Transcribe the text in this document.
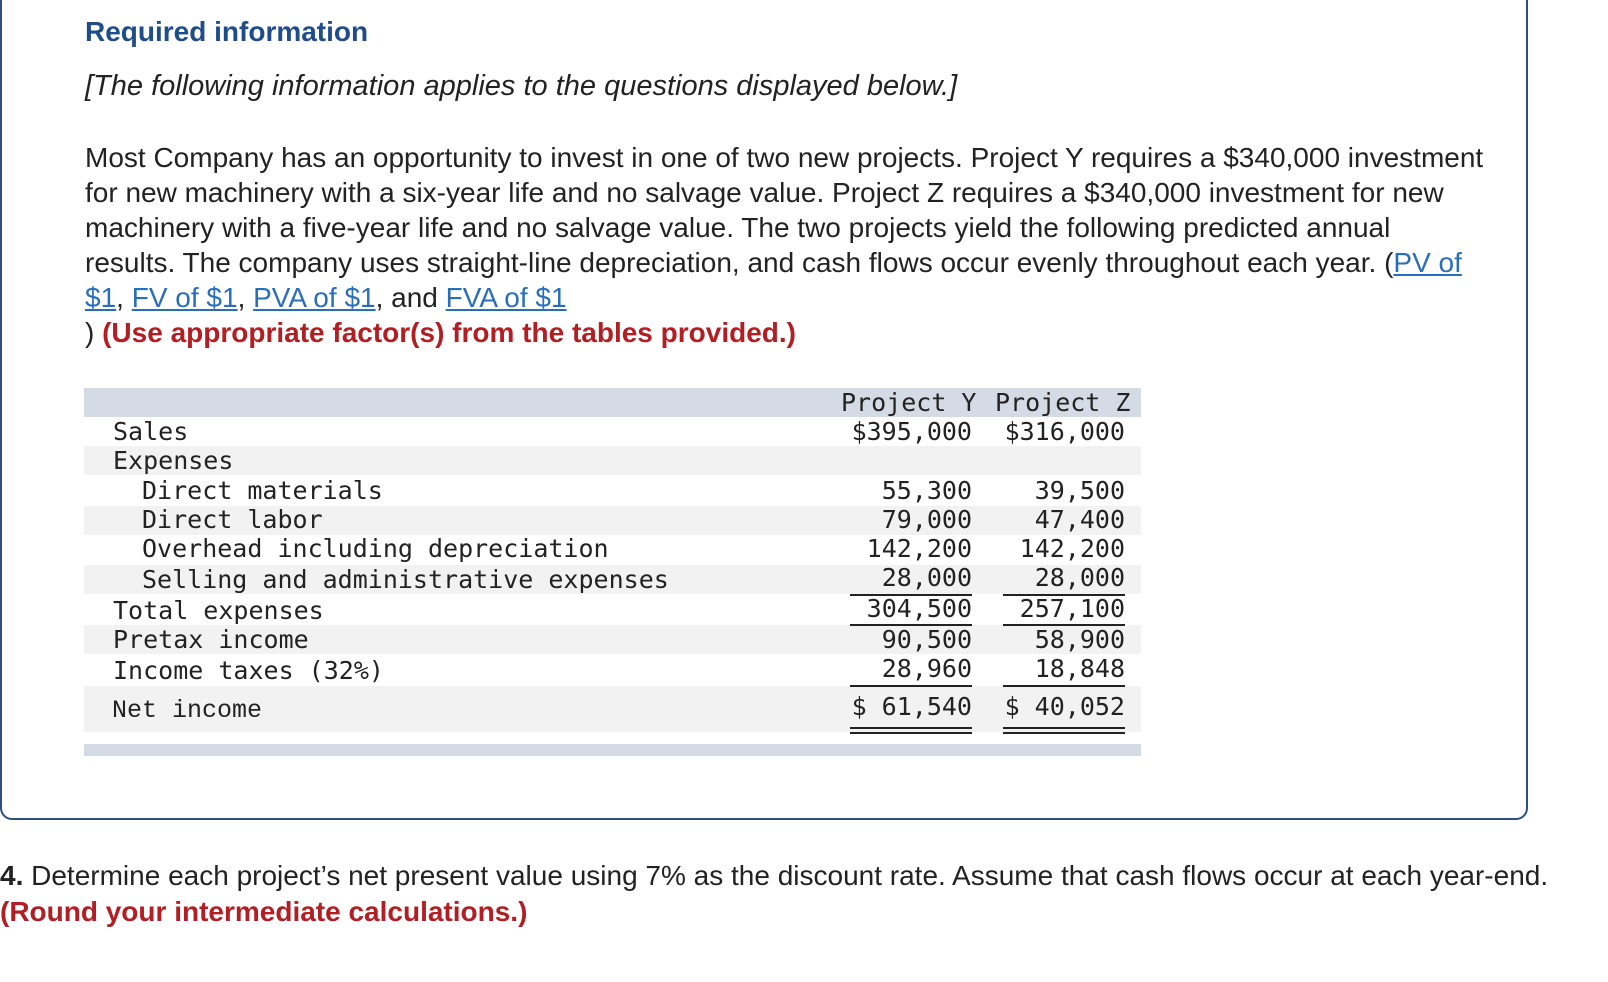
Required information

[The following information applies to the questions displayed below.]

Most Company has an opportunity to invest in one of two new projects. Project Y requires a $340,000 investment for new machinery with a six-year life and no salvage value. Project Z requires a $340,000 investment for new machinery with a five-year life and no salvage value. The two projects yield the following predicted annual results. The company uses straight-line depreciation, and cash flows occur evenly throughout each year. (PV of $1, FV of $1, PVA of $1, and FVA of $1
) (Use appropriate factor(s) from the tables provided.)

Project Y Project Z
Sales	$395,000	$316,000
Expenses
Direct materials	55,300	39,500
Direct labor	79,000	47,400
Overhead including depreciation	142,200	142,200
Selling and administrative expenses	28,000	28,000
Total expenses	304,500	257,100
Pretax income	90,500	58,900
Income taxes (32%)	28,960	18,848
Net income	$ 61,540	$ 40,052

4. Determine each project’s net present value using 7% as the discount rate. Assume that cash flows occur at each year-end. (Round your intermediate calculations.)
